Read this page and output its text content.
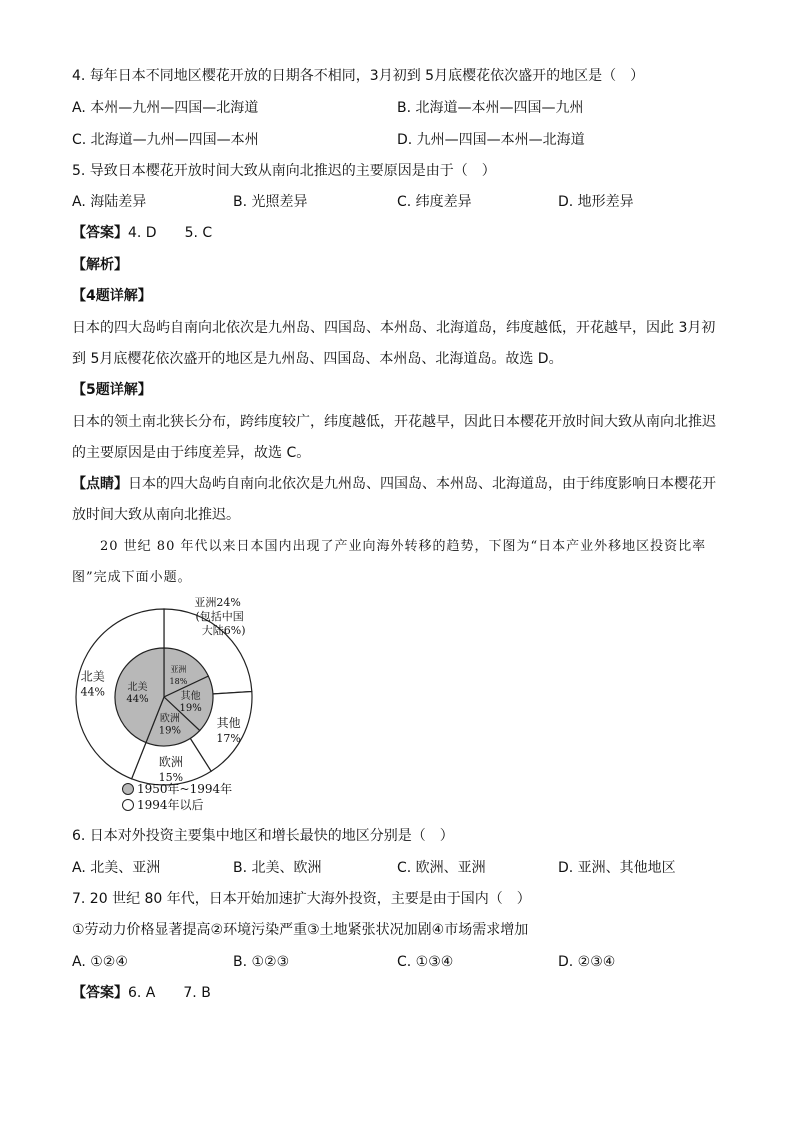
4. 每年日本不同地区樱花开放的日期各不相同，3月初到 5月底樱花依次盛开的地区是（　）
A. 本州—九州—四国—北海道	B. 北海道—本州—四国—九州
C. 北海道—九州—四国—本州	D. 九州—四国—本州—北海道
5. 导致日本樱花开放时间大致从南向北推迟的主要原因是由于（　）
A. 海陆差异	B. 光照差异	C. 纬度差异	D. 地形差异
【答案】4. D　　5. C
【解析】
【4题详解】
日本的四大岛屿自南向北依次是九州岛、四国岛、本州岛、北海道岛，纬度越低，开花越早，因此 3月初
到 5月底樱花依次盛开的地区是九州岛、四国岛、本州岛、北海道岛。故选 D。
【5题详解】
日本的领土南北狭长分布，跨纬度较广，纬度越低，开花越早，因此日本樱花开放时间大致从南向北推迟
的主要原因是由于纬度差异，故选 C。
【点睛】日本的四大岛屿自南向北依次是九州岛、四国岛、本州岛、北海道岛，由于纬度影响日本樱花开
放时间大致从南向北推迟。
20 世纪 80 年代以来日本国内出现了产业向海外转移的趋势，下图为“日本产业外移地区投资比率
图”完成下面小题。
亚洲24%
(包括中国
大陆6%)
其他
17%
欧洲
15%
北美
44%
亚洲
18%
其他
19%
欧洲
19%
北美
44%
1950年~1994年
1994年以后
6. 日本对外投资主要集中地区和增长最快的地区分别是（　）
A. 北美、亚洲	B. 北美、欧洲	C. 欧洲、亚洲	D. 亚洲、其他地区
7. 20 世纪 80 年代，日本开始加速扩大海外投资，主要是由于国内（　）
①劳动力价格显著提高②环境污染严重③土地紧张状况加剧④市场需求增加
A. ①②④	B. ①②③	C. ①③④	D. ②③④
【答案】6. A　　7. B
